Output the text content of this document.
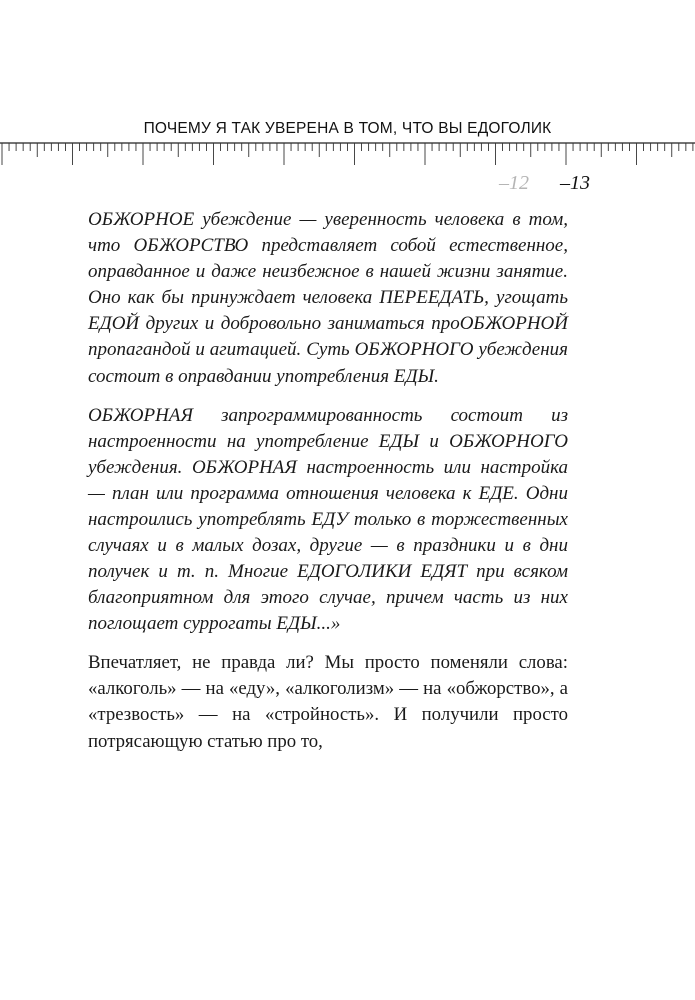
ПОЧЕМУ Я ТАК УВЕРЕНА В ТОМ, ЧТО ВЫ ЕДОГОЛИК
–12 –13

ОБЖОРНОЕ убеждение — уверенность человека в том, что ОБЖОРСТВО представляет собой естественное, оправданное и даже неизбежное в нашей жизни занятие. Оно как бы принуждает человека ПЕРЕЕДАТЬ, угощать ЕДОЙ других и добровольно заниматься проОБЖОРНОЙ пропагандой и агитацией. Суть ОБЖОРНОГО убеждения состоит в оправдании употребления ЕДЫ.

ОБЖОРНАЯ запрограммированность состоит из настроенности на употребление ЕДЫ и ОБЖОРНОГО убеждения. ОБЖОРНАЯ настроенность или настройка — план или программа отношения человека к ЕДЕ. Одни настроились употреблять ЕДУ только в торжественных случаях и в малых дозах, другие — в праздники и в дни получек и т. п. Многие ЕДОГОЛИКИ ЕДЯТ при всяком благоприятном для этого случае, причем часть из них поглощает суррогаты ЕДЫ...»

Впечатляет, не правда ли? Мы просто поменяли слова: «алкоголь» — на «еду», «алкоголизм» — на «обжорство», а «трезвость» — на «стройность». И получили просто потрясающую статью про то,
